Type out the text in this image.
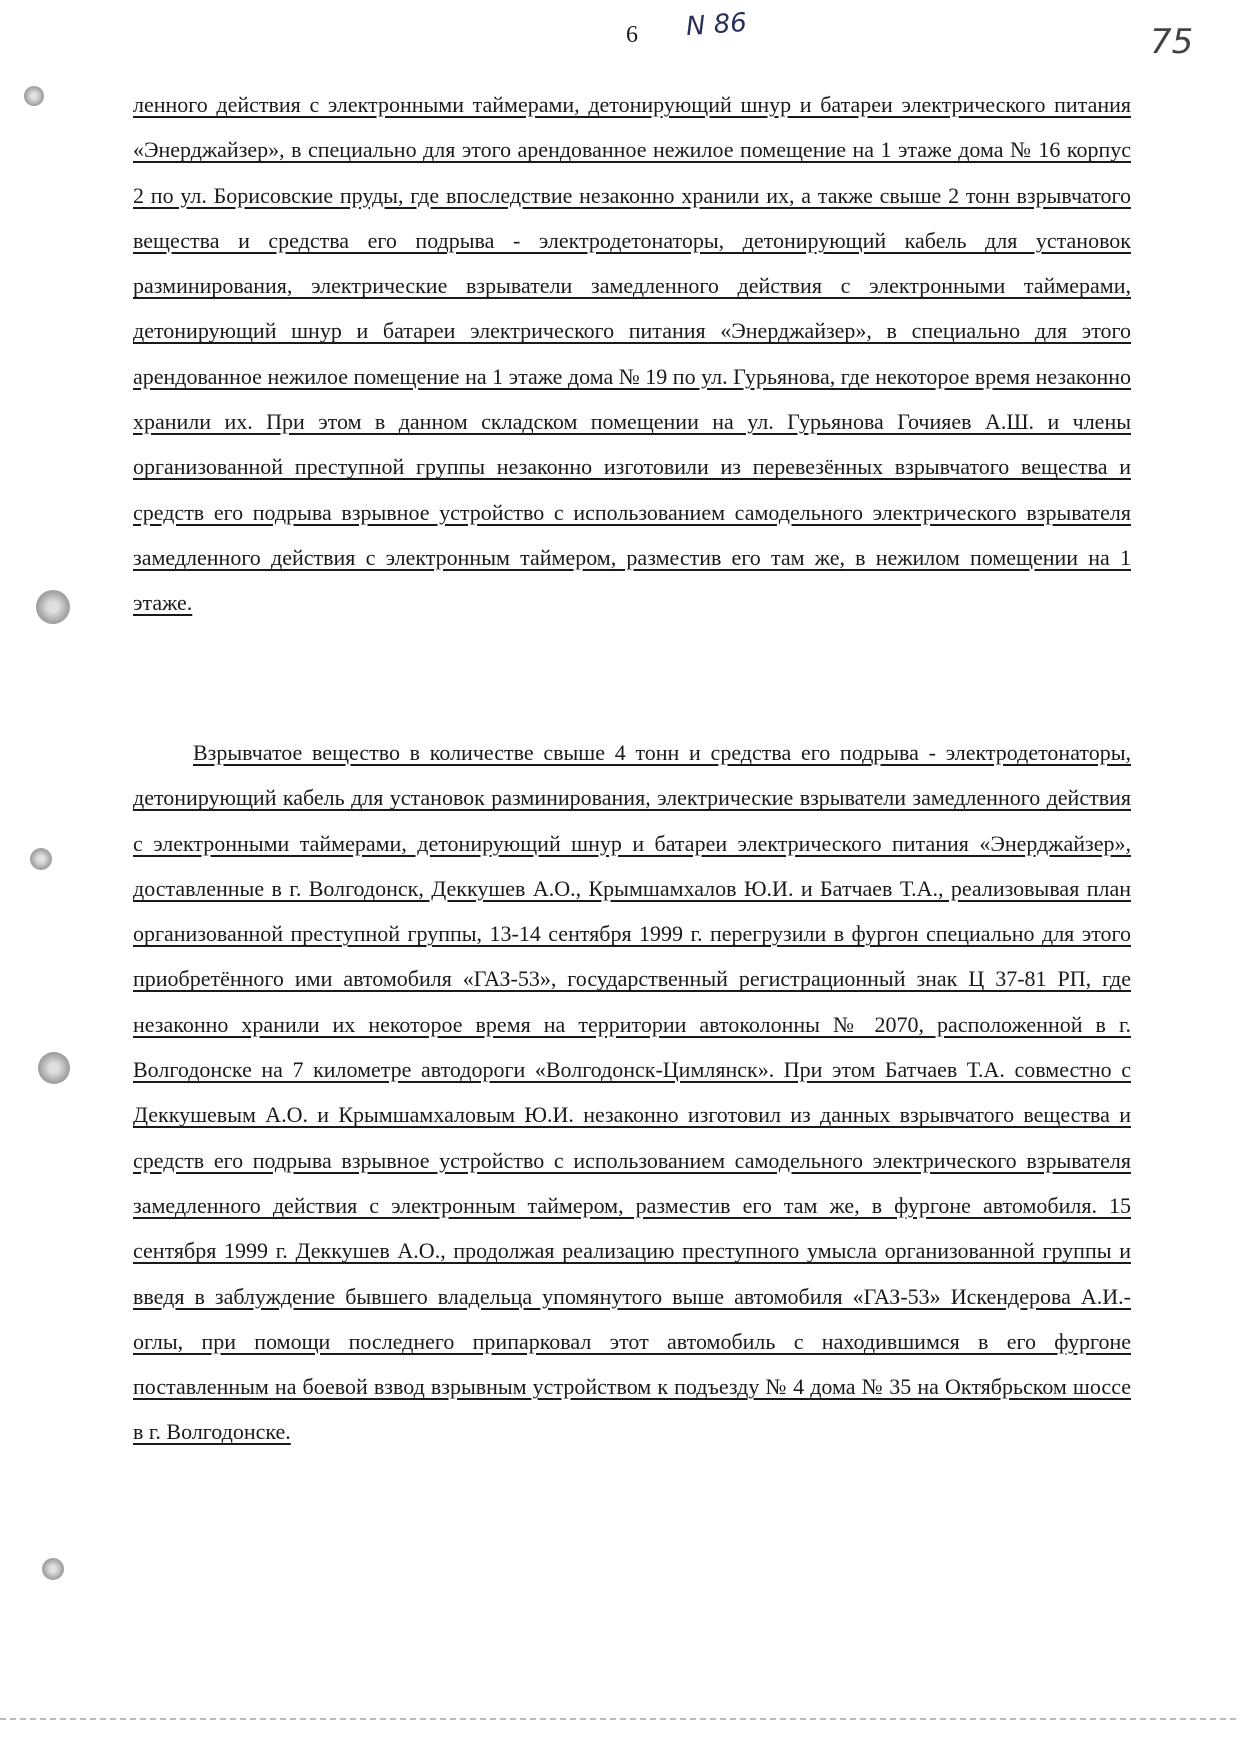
6 N 86	75

ленного действия с электронными таймерами, детонирующий шнур и батареи электрического питания «Энерджайзер», в специально для этого арендованное нежилое помещение на 1 этаже дома № 16 корпус 2 по ул. Борисовские пруды, где впоследствие незаконно хранили их, а также свыше 2 тонн взрывчатого вещества и средства его подрыва - электродетонаторы, детонирующий кабель для установок разминирования, электрические взрыватели замедленного действия с электронными таймерами, детонирующий шнур и батареи электрического питания «Энерджайзер», в специально для этого арендованное нежилое помещение на 1 этаже дома № 19 по ул. Гурьянова, где некоторое время незаконно хранили их. При этом в данном складском помещении на ул. Гурьянова Гочияев А.Ш. и члены организованной преступной группы незаконно изготовили из перевезённых взрывчатого вещества и средств его подрыва взрывное устройство с использованием самодельного электрического взрывателя замедленного действия с электронным таймером, разместив его там же, в нежилом помещении на 1 этаже.

Взрывчатое вещество в количестве свыше 4 тонн и средства его подрыва - электродетонаторы, детонирующий кабель для установок разминирования, электрические взрыватели замедленного действия с электронными таймерами, детонирующий шнур и батареи электрического питания «Энерджайзер», доставленные в г. Волгодонск, Деккушев А.О., Крымшамхалов Ю.И. и Батчаев Т.А., реализовывая план организованной преступной группы, 13-14 сентября 1999 г. перегрузили в фургон специально для этого приобретённого ими автомобиля «ГАЗ-53», государственный регистрационный знак Ц 37-81 РП, где незаконно хранили их некоторое время на территории автоколонны № 2070, расположенной в г. Волгодонске на 7 километре автодороги «Волгодонск-Цимлянск». При этом Батчаев Т.А. совместно с Деккушевым А.О. и Крымшамхаловым Ю.И. незаконно изготовил из данных взрывчатого вещества и средств его подрыва взрывное устройство с использованием самодельного электрического взрывателя замедленного действия с электронным таймером, разместив его там же, в фургоне автомобиля. 15 сентября 1999 г. Деккушев А.О., продолжая реализацию преступного умысла организованной группы и введя в заблуждение бывшего владельца упомянутого выше автомобиля «ГАЗ-53» Искендерова А.И.-оглы, при помощи последнего припарковал этот автомобиль с находившимся в его фургоне поставленным на боевой взвод взрывным устройством к подъезду № 4 дома № 35 на Октябрьском шоссе в г. Волгодонске.
